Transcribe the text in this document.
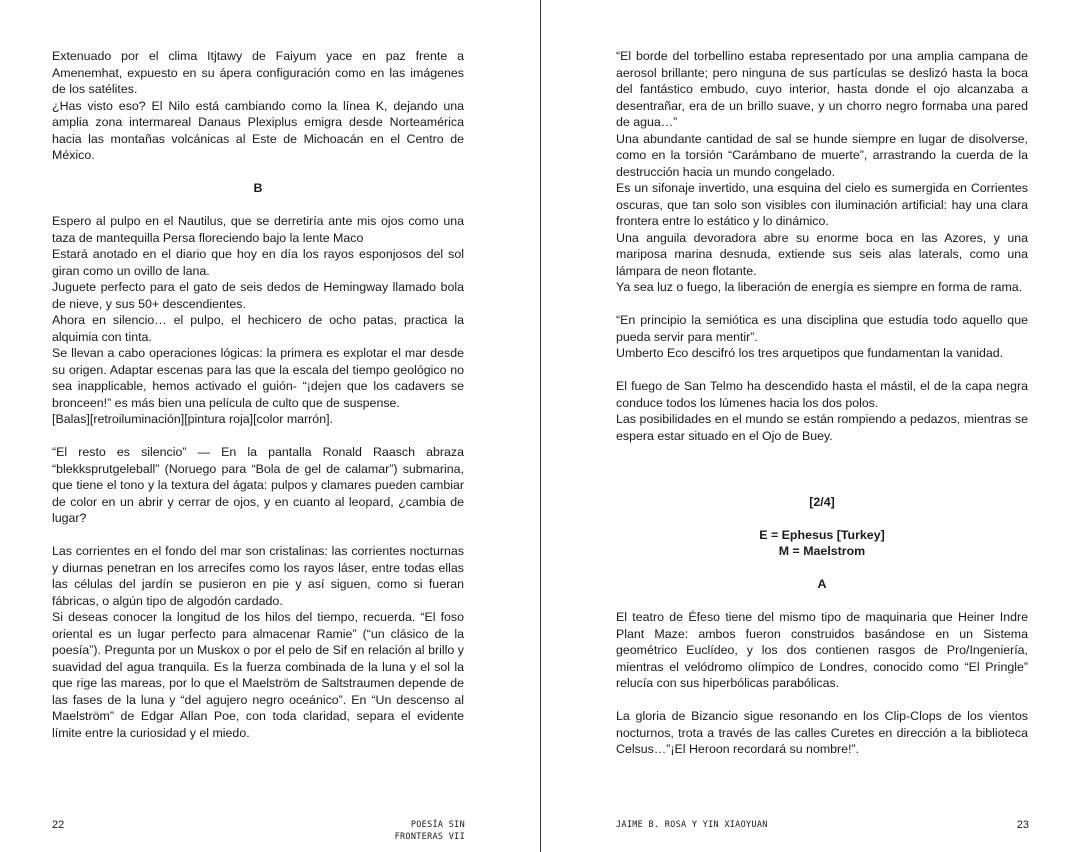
Extenuado por el clima Itjtawy de Faiyum yace en paz frente a Amenemhat, expuesto en su ápera configuración como en las imágenes de los satélites.

¿Has visto eso? El Nilo está cambiando como la línea K, dejando una amplia zona intermareal Danaus Plexiplus emigra desde Norteamérica hacia las montañas volcánicas al Este de Michoacán en el Centro de México.

B

Espero al pulpo en el Nautilus, que se derretiría ante mis ojos como una taza de mantequilla Persa floreciendo bajo la lente Maco

Estará anotado en el diario que hoy en día los rayos esponjosos del sol giran como un ovillo de lana.

Juguete perfecto para el gato de seis dedos de Hemingway llamado bola de nieve, y sus 50+ descendientes.

Ahora en silencio… el pulpo, el hechicero de ocho patas, practica la alquimia con tinta.

Se llevan a cabo operaciones lógicas: la primera es explotar el mar desde su origen. Adaptar escenas para las que la escala del tiempo geológico no sea inapplicable, hemos activado el guión- “¡dejen que los cadavers se bronceen!” es más bien una película de culto que de suspense.

[Balas][retroiluminación][pintura roja][color marrón].

“El resto es silencio” — En la pantalla Ronald Raasch abraza “blekksprutgeleball” (Noruego para “Bola de gel de calamar”) submarina, que tiene el tono y la textura del ágata: pulpos y clamares pueden cambiar de color en un abrir y cerrar de ojos, y en cuanto al leopard, ¿cambia de lugar?

Las corrientes en el fondo del mar son cristalinas: las corrientes nocturnas y diurnas penetran en los arrecifes como los rayos láser, entre todas ellas las células del jardín se pusieron en pie y así siguen, como si fueran fábricas, o algún tipo de algodón cardado.

Si deseas conocer la longitud de los hilos del tiempo, recuerda. “El foso oriental es un lugar perfecto para almacenar Ramie” (“un clásico de la poesía”). Pregunta por un Muskox o por el pelo de Sif en relación al brillo y suavidad del agua tranquila. Es la fuerza combinada de la luna y el sol la que rige las mareas, por lo que el Maelström de Saltstraumen depende de las fases de la luna y “del agujero negro oceánico”. En “Un descenso al Maelström” de Edgar Allan Poe, con toda claridad, separa el evidente límite entre la curiosidad y el miedo.

22	POESÍA SIN FRONTERAS VII

“El borde del torbellino estaba representado por una amplia campana de aerosol brillante; pero ninguna de sus partículas se deslizó hasta la boca del fantástico embudo, cuyo interior, hasta donde el ojo alcanzaba a desentrañar, era de un brillo suave, y un chorro negro formaba una pared de agua…”

Una abundante cantidad de sal se hunde siempre en lugar de disolverse, como en la torsión “Carámbano de muerte”, arrastrando la cuerda de la destrucción hacia un mundo congelado.

Es un sifonaje invertido, una esquina del cielo es sumergida en Corrientes oscuras, que tan solo son visibles con iluminación artificial: hay una clara frontera entre lo estático y lo dinámico.

Una anguila devoradora abre su enorme boca en las Azores, y una mariposa marina desnuda, extiende sus seis alas laterals, como una lámpara de neon flotante.

Ya sea luz o fuego, la liberación de energía es siempre en forma de rama.

“En principio la semiótica es una disciplina que estudia todo aquello que pueda servir para mentir”.

Umberto Eco descifró los tres arquetipos que fundamentan la vanidad.

El fuego de San Telmo ha descendido hasta el mástil, el de la capa negra conduce todos los lúmenes hacia los dos polos.

Las posibilidades en el mundo se están rompiendo a pedazos, mientras se espera estar situado en el Ojo de Buey.

[2/4]

E = Ephesus [Turkey]

M = Maelstrom

A

El teatro de Éfeso tiene del mismo tipo de maquinaria que Heiner Indre Plant Maze: ambos fueron construidos basándose en un Sistema geométrico Euclídeo, y los dos contienen rasgos de Pro/Ingeniería, mientras el velódromo olímpico de Londres, conocido como “El Pringle” relucía con sus hiperbólicas parabólicas.

La gloria de Bizancio sigue resonando en los Clip-Clops de los vientos nocturnos, trota a través de las calles Curetes en dirección a la biblioteca Celsus…”¡El Heroon recordará su nombre!”.

JAIME B. ROSA Y YIN XIAOYUAN	23
